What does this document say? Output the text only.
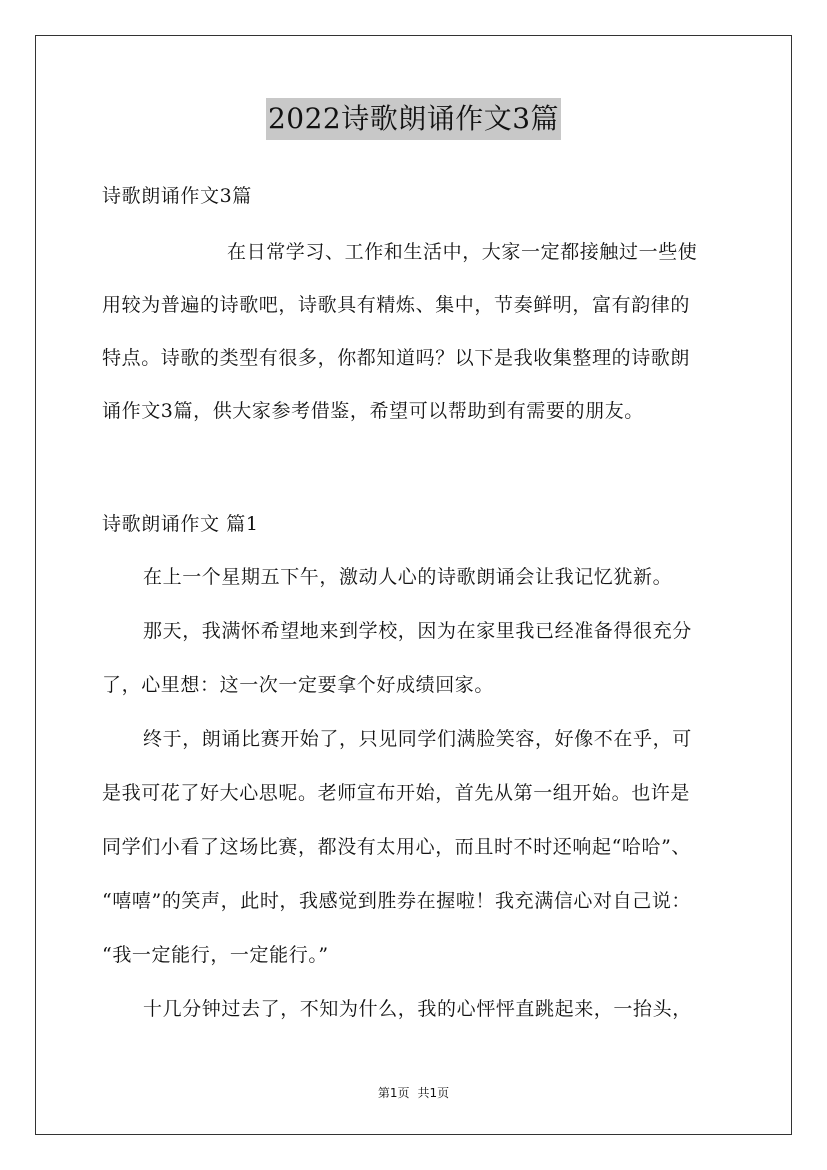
2022诗歌朗诵作文3篇
诗歌朗诵作文3篇
在日常学习、工作和生活中，大家一定都接触过一些使
用较为普遍的诗歌吧，诗歌具有精炼、集中，节奏鲜明，富有韵律的
特点。诗歌的类型有很多，你都知道吗？以下是我收集整理的诗歌朗
诵作文3篇，供大家参考借鉴，希望可以帮助到有需要的朋友。
诗歌朗诵作文 篇1
在上一个星期五下午，激动人心的诗歌朗诵会让我记忆犹新。
那天，我满怀希望地来到学校，因为在家里我已经准备得很充分
了，心里想：这一次一定要拿个好成绩回家。
终于，朗诵比赛开始了，只见同学们满脸笑容，好像不在乎，可
是我可花了好大心思呢。老师宣布开始，首先从第一组开始。也许是
同学们小看了这场比赛，都没有太用心，而且时不时还响起“哈哈”、
“嘻嘻”的笑声，此时，我感觉到胜券在握啦！我充满信心对自己说：
“我一定能行，一定能行。”
十几分钟过去了，不知为什么，我的心怦怦直跳起来，一抬头，
第1页 共1页
